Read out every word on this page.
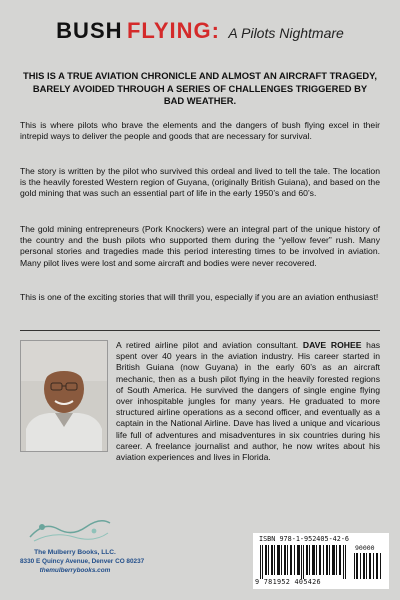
BUSH FLYING: A Pilots Nightmare
THIS IS A TRUE AVIATION CHRONICLE AND ALMOST AN AIRCRAFT TRAGEDY, BARELY AVOIDED THROUGH A SERIES OF CHALLENGES TRIGGERED BY BAD WEATHER.

This is where pilots who brave the elements and the dangers of bush flying excel in their intrepid ways to deliver the people and goods that are necessary for survival.

The story is written by the pilot who survived this ordeal and lived to tell the tale. The location is the heavily forested Western region of Guyana, (originally British Guiana), and based on the gold mining that was such an essential part of life in the early 1950’s and 60’s.

The gold mining entrepreneurs (Pork Knockers) were an integral part of the unique history of the country and the bush pilots who supported them during the “yellow fever” rush. Many personal stories and tragedies made this period interesting times to be involved in aviation. Many pilot lives were lost and some aircraft and bodies were never recovered.

This is one of the exciting stories that will thrill you, especially if you are an aviation enthusiast!

A retired airline pilot and aviation consultant. DAVE ROHEE has spent over 40 years in the aviation industry. His career started in British Guiana (now Guyana) in the early 60’s as an aircraft mechanic, then as a bush pilot flying in the heavily forested regions of South America. He survived the dangers of single engine flying over inhospitable jungles for many years. He graduated to more structured airline operations as a second officer, and eventually as a captain in the National Airline. Dave has lived a unique and vicarious life full of adventures and misadventures in six countries during his career. A freelance journalist and author, he now writes about his aviation experiences and lives in Florida.

The Mulberry Books, LLC.
8330 E Quincy Avenue, Denver CO 80237
themulberrybooks.com
ISBN 978-1-952405-42-6
90000
9 781952 405426
